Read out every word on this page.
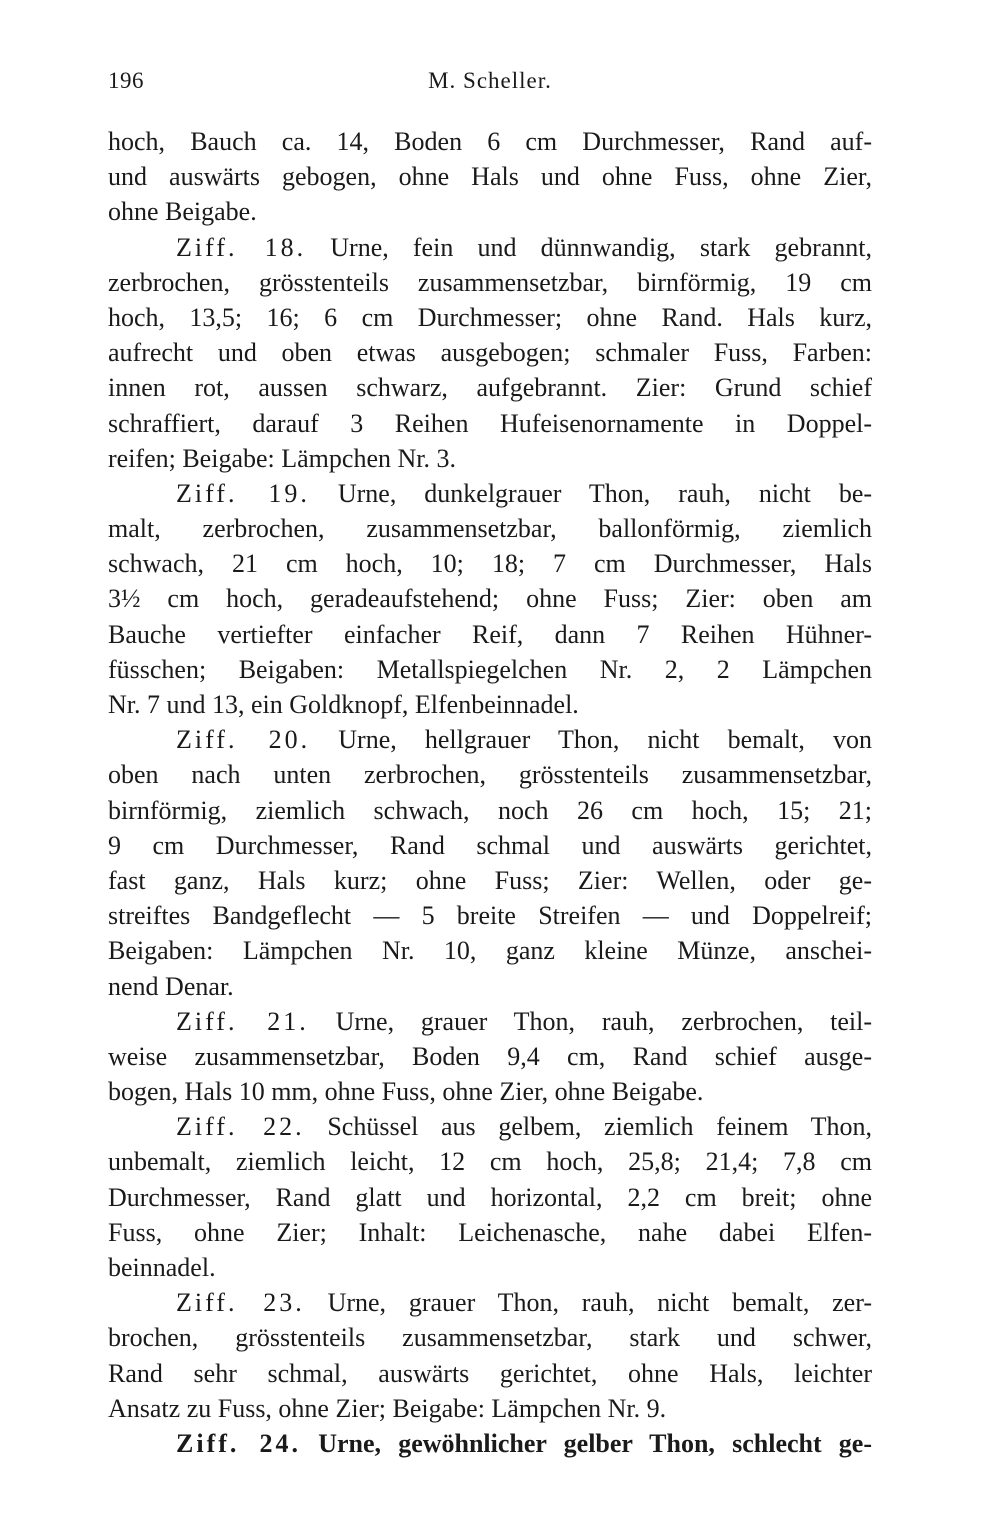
196	M. Scheller.
hoch, Bauch ca. 14, Boden 6 cm Durchmesser, Rand auf-
und auswärts gebogen, ohne Hals und ohne Fuss, ohne Zier,
ohne Beigabe.
Ziff. 18. Urne, fein und dünnwandig, stark gebrannt,
zerbrochen, grösstenteils zusammensetzbar, birnförmig, 19 cm
hoch, 13,5; 16; 6 cm Durchmesser; ohne Rand. Hals kurz,
aufrecht und oben etwas ausgebogen; schmaler Fuss, Farben:
innen rot, aussen schwarz, aufgebrannt. Zier: Grund schief
schraffiert, darauf 3 Reihen Hufeisenornamente in Doppel-
reifen; Beigabe: Lämpchen Nr. 3.
Ziff. 19. Urne, dunkelgrauer Thon, rauh, nicht be-
malt, zerbrochen, zusammensetzbar, ballonförmig, ziemlich
schwach, 21 cm hoch, 10; 18; 7 cm Durchmesser, Hals
3½ cm hoch, geradeaufstehend; ohne Fuss; Zier: oben am
Bauche vertiefter einfacher Reif, dann 7 Reihen Hühner-
füsschen; Beigaben: Metallspiegelchen Nr. 2, 2 Lämpchen
Nr. 7 und 13, ein Goldknopf, Elfenbeinnadel.
Ziff. 20. Urne, hellgrauer Thon, nicht bemalt, von
oben nach unten zerbrochen, grösstenteils zusammensetzbar,
birnförmig, ziemlich schwach, noch 26 cm hoch, 15; 21;
9 cm Durchmesser, Rand schmal und auswärts gerichtet,
fast ganz, Hals kurz; ohne Fuss; Zier: Wellen, oder ge-
streiftes Bandgeflecht — 5 breite Streifen — und Doppelreif;
Beigaben: Lämpchen Nr. 10, ganz kleine Münze, anschei-
nend Denar.
Ziff. 21. Urne, grauer Thon, rauh, zerbrochen, teil-
weise zusammensetzbar, Boden 9,4 cm, Rand schief ausge-
bogen, Hals 10 mm, ohne Fuss, ohne Zier, ohne Beigabe.
Ziff. 22. Schüssel aus gelbem, ziemlich feinem Thon,
unbemalt, ziemlich leicht, 12 cm hoch, 25,8; 21,4; 7,8 cm
Durchmesser, Rand glatt und horizontal, 2,2 cm breit; ohne
Fuss, ohne Zier; Inhalt: Leichenasche, nahe dabei Elfen-
beinnadel.
Ziff. 23. Urne, grauer Thon, rauh, nicht bemalt, zer-
brochen, grösstenteils zusammensetzbar, stark und schwer,
Rand sehr schmal, auswärts gerichtet, ohne Hals, leichter
Ansatz zu Fuss, ohne Zier; Beigabe: Lämpchen Nr. 9.
Ziff. 24. Urne, gewöhnlicher gelber Thon, schlecht ge-
